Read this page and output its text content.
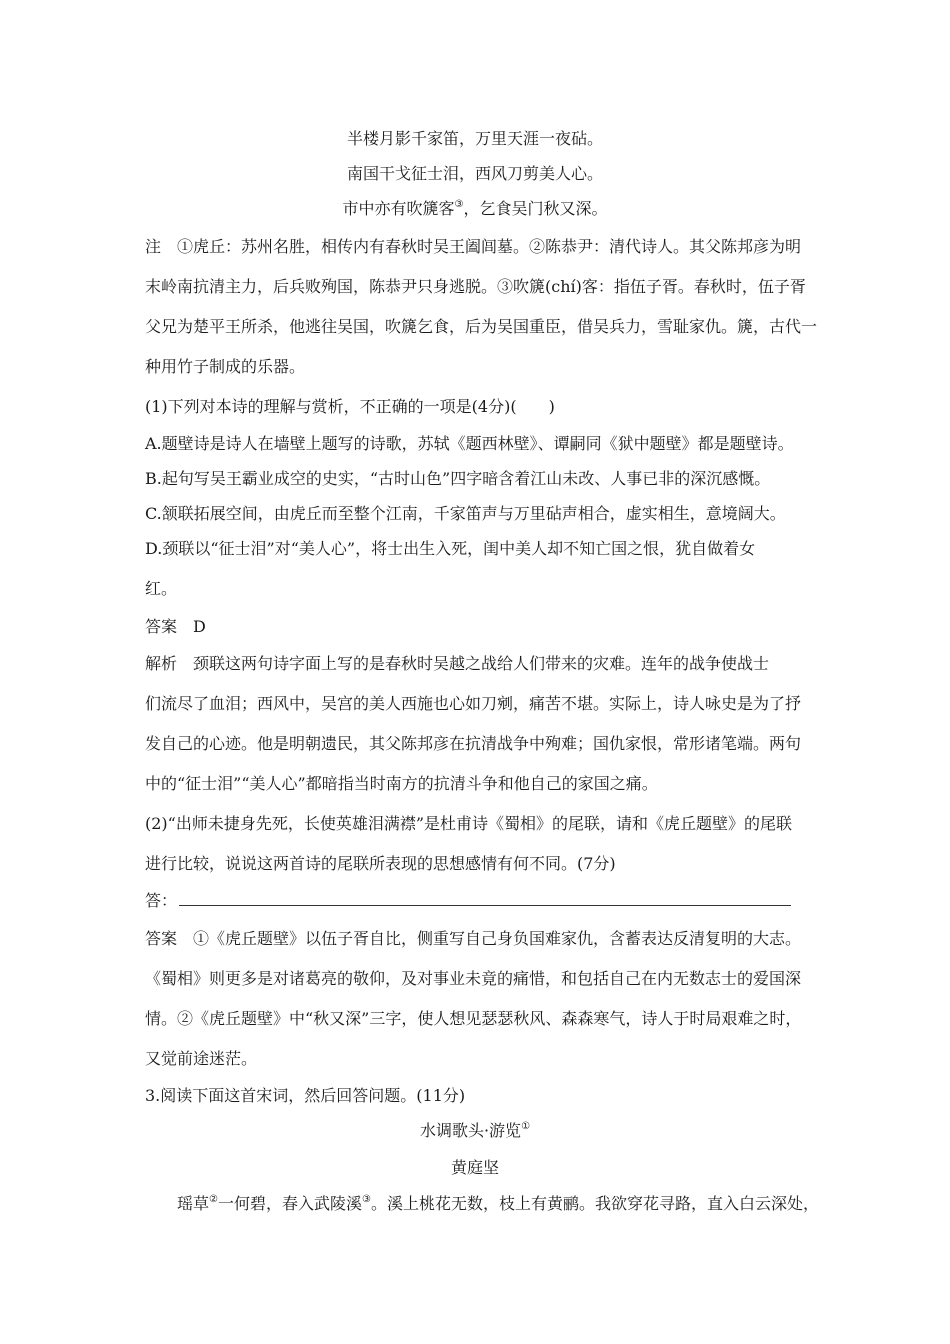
半楼月影千家笛，万里天涯一夜砧。
南国干戈征士泪，西风刀剪美人心。
市中亦有吹篪客③，乞食吴门秋又深。
注　①虎丘：苏州名胜，相传内有春秋时吴王阖闾墓。②陈恭尹：清代诗人。其父陈邦彦为明
末岭南抗清主力，后兵败殉国，陈恭尹只身逃脱。③吹篪(chí)客：指伍子胥。春秋时，伍子胥
父兄为楚平王所杀，他逃往吴国，吹篪乞食，后为吴国重臣，借吴兵力，雪耻家仇。篪，古代一
种用竹子制成的乐器。
(1)下列对本诗的理解与赏析，不正确的一项是(4分)(　　)
A.题壁诗是诗人在墙壁上题写的诗歌，苏轼《题西林壁》、谭嗣同《狱中题壁》都是题壁诗。
B.起句写吴王霸业成空的史实，“古时山色”四字暗含着江山未改、人事已非的深沉感慨。
C.颔联拓展空间，由虎丘而至整个江南，千家笛声与万里砧声相合，虚实相生，意境阔大。
D.颈联以“征士泪”对“美人心”，将士出生入死，闺中美人却不知亡国之恨，犹自做着女
红。
答案　D
解析　颈联这两句诗字面上写的是春秋时吴越之战给人们带来的灾难。连年的战争使战士
们流尽了血泪；西风中，吴宫的美人西施也心如刀剜，痛苦不堪。实际上，诗人咏史是为了抒
发自己的心迹。他是明朝遗民，其父陈邦彦在抗清战争中殉难；国仇家恨，常形诸笔端。两句
中的“征士泪”“美人心”都暗指当时南方的抗清斗争和他自己的家国之痛。
(2)“出师未捷身先死，长使英雄泪满襟”是杜甫诗《蜀相》的尾联，请和《虎丘题壁》的尾联
进行比较，说说这两首诗的尾联所表现的思想感情有何不同。(7分)
答：
答案　①《虎丘题壁》以伍子胥自比，侧重写自己身负国难家仇，含蓄表达反清复明的大志。
《蜀相》则更多是对诸葛亮的敬仰，及对事业未竟的痛惜，和包括自己在内无数志士的爱国深
情。②《虎丘题壁》中“秋又深”三字，使人想见瑟瑟秋风、森森寒气，诗人于时局艰难之时，
又觉前途迷茫。
3.阅读下面这首宋词，然后回答问题。(11分)
水调歌头·游览①
黄庭坚
瑶草②一何碧，春入武陵溪③。溪上桃花无数，枝上有黄鹂。我欲穿花寻路，直入白云深处，
